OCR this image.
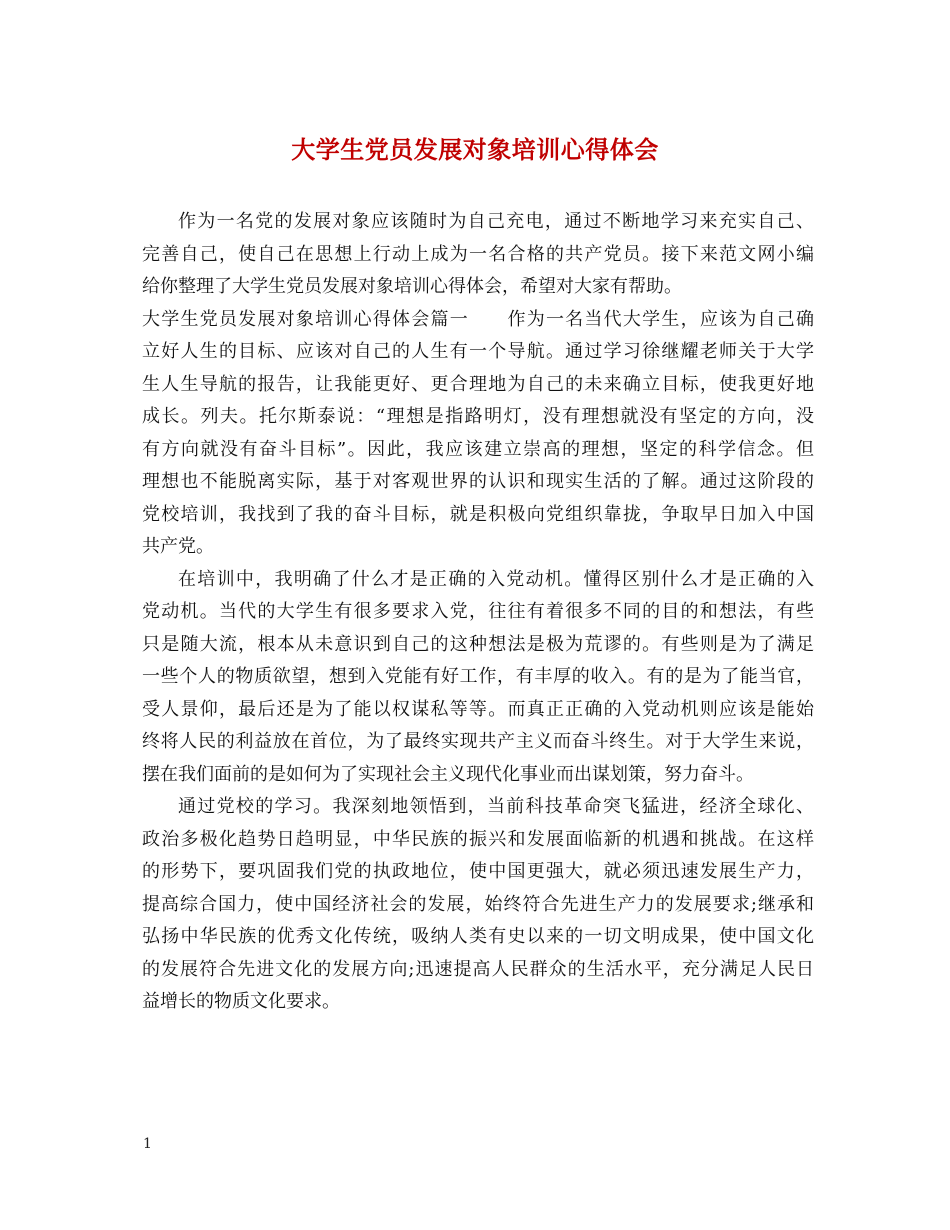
大学生党员发展对象培训心得体会
作为一名党的发展对象应该随时为自己充电，通过不断地学习来充实自己、
完善自己，使自己在思想上行动上成为一名合格的共产党员。接下来范文网小编
给你整理了大学生党员发展对象培训心得体会，希望对大家有帮助。
大学生党员发展对象培训心得体会篇一　　作为一名当代大学生，应该为自己确
立好人生的目标、应该对自己的人生有一个导航。通过学习徐继耀老师关于大学
生人生导航的报告，让我能更好、更合理地为自己的未来确立目标，使我更好地
成长。列夫。托尔斯泰说：“理想是指路明灯，没有理想就没有坚定的方向，没
有方向就没有奋斗目标”。因此，我应该建立崇高的理想，坚定的科学信念。但
理想也不能脱离实际，基于对客观世界的认识和现实生活的了解。通过这阶段的
党校培训，我找到了我的奋斗目标，就是积极向党组织靠拢，争取早日加入中国
共产党。
在培训中，我明确了什么才是正确的入党动机。懂得区别什么才是正确的入
党动机。当代的大学生有很多要求入党，往往有着很多不同的目的和想法，有些
只是随大流，根本从未意识到自己的这种想法是极为荒谬的。有些则是为了满足
一些个人的物质欲望，想到入党能有好工作，有丰厚的收入。有的是为了能当官，
受人景仰，最后还是为了能以权谋私等等。而真正正确的入党动机则应该是能始
终将人民的利益放在首位，为了最终实现共产主义而奋斗终生。对于大学生来说，
摆在我们面前的是如何为了实现社会主义现代化事业而出谋划策，努力奋斗。
通过党校的学习。我深刻地领悟到，当前科技革命突飞猛进，经济全球化、
政治多极化趋势日趋明显，中华民族的振兴和发展面临新的机遇和挑战。在这样
的形势下，要巩固我们党的执政地位，使中国更强大，就必须迅速发展生产力，
提高综合国力，使中国经济社会的发展，始终符合先进生产力的发展要求;继承和
弘扬中华民族的优秀文化传统，吸纳人类有史以来的一切文明成果，使中国文化
的发展符合先进文化的发展方向;迅速提高人民群众的生活水平，充分满足人民日
益增长的物质文化要求。
1
